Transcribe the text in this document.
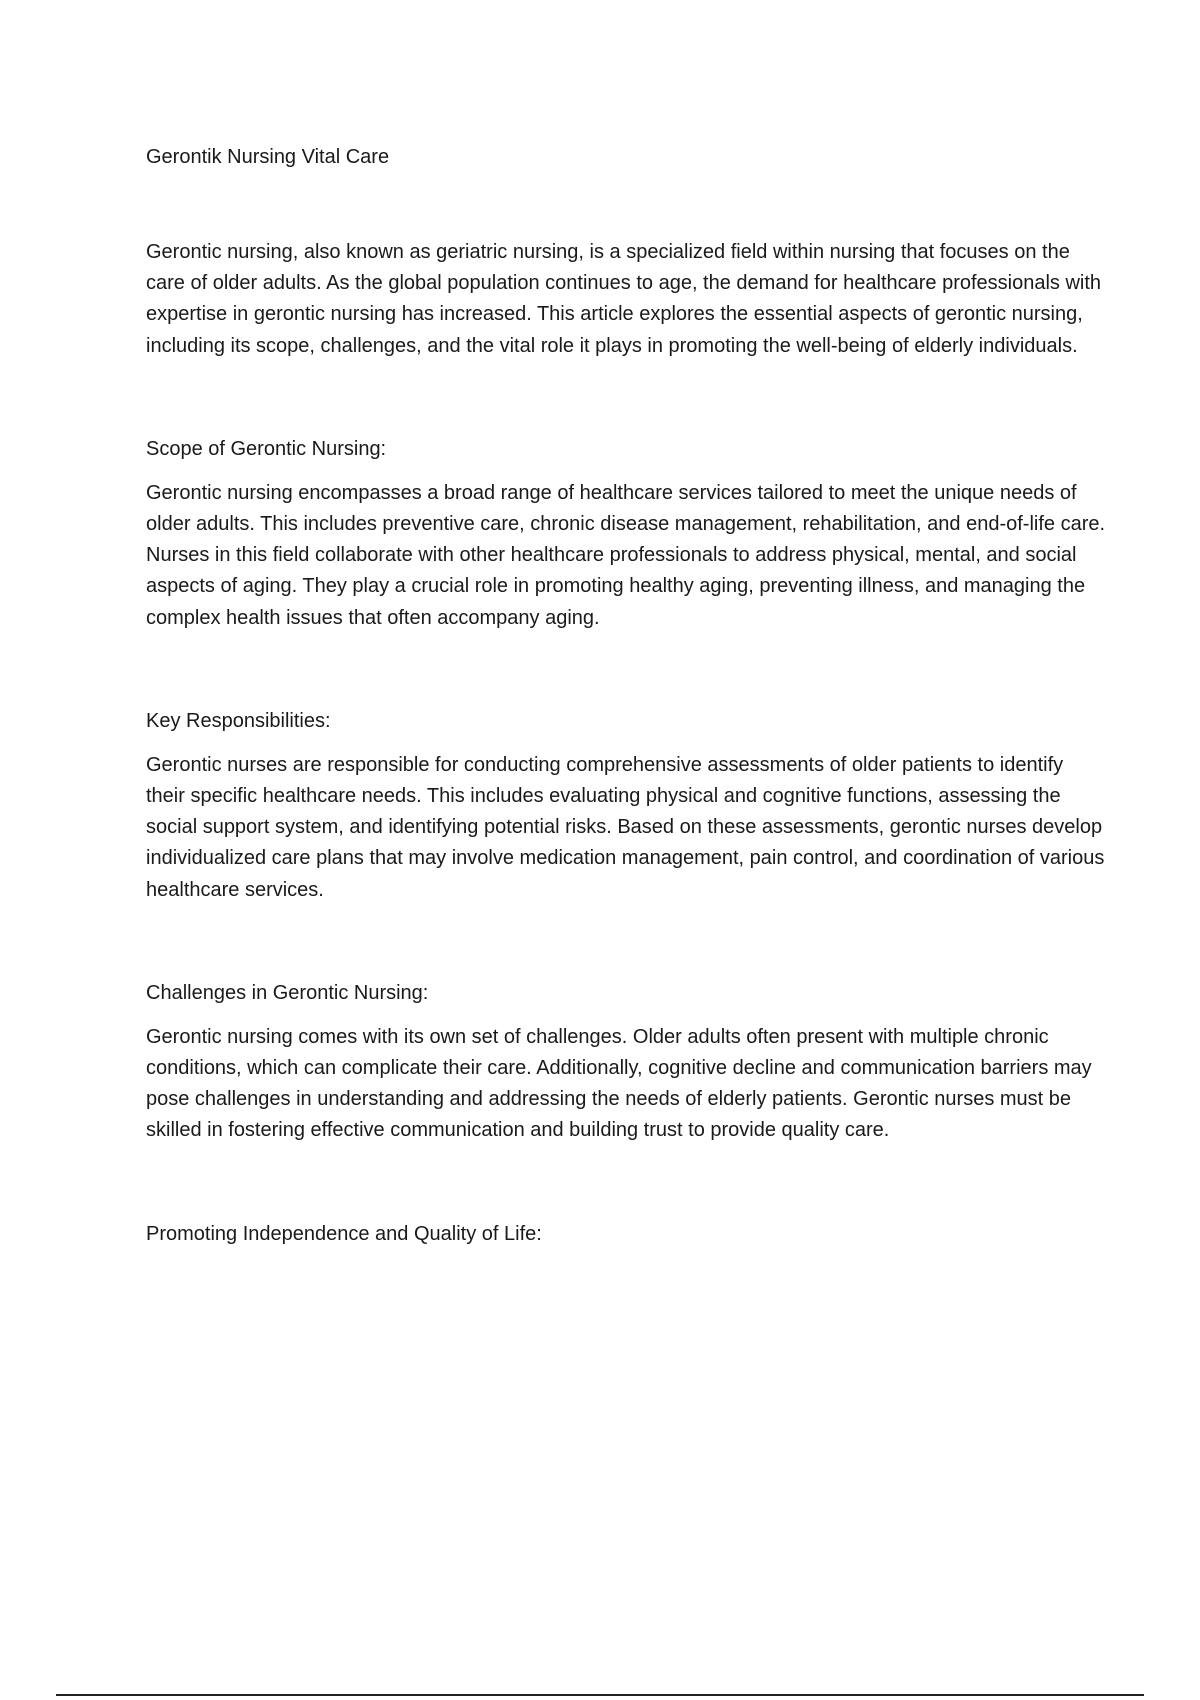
Gerontik Nursing Vital Care

Gerontic nursing, also known as geriatric nursing, is a specialized field within nursing that focuses on the care of older adults. As the global population continues to age, the demand for healthcare professionals with expertise in gerontic nursing has increased. This article explores the essential aspects of gerontic nursing, including its scope, challenges, and the vital role it plays in promoting the well-being of elderly individuals.

Scope of Gerontic Nursing:

Gerontic nursing encompasses a broad range of healthcare services tailored to meet the unique needs of older adults. This includes preventive care, chronic disease management, rehabilitation, and end-of-life care. Nurses in this field collaborate with other healthcare professionals to address physical, mental, and social aspects of aging. They play a crucial role in promoting healthy aging, preventing illness, and managing the complex health issues that often accompany aging.

Key Responsibilities:

Gerontic nurses are responsible for conducting comprehensive assessments of older patients to identify their specific healthcare needs. This includes evaluating physical and cognitive functions, assessing the social support system, and identifying potential risks. Based on these assessments, gerontic nurses develop individualized care plans that may involve medication management, pain control, and coordination of various healthcare services.

Challenges in Gerontic Nursing:

Gerontic nursing comes with its own set of challenges. Older adults often present with multiple chronic conditions, which can complicate their care. Additionally, cognitive decline and communication barriers may pose challenges in understanding and addressing the needs of elderly patients. Gerontic nurses must be skilled in fostering effective communication and building trust to provide quality care.

Promoting Independence and Quality of Life:
